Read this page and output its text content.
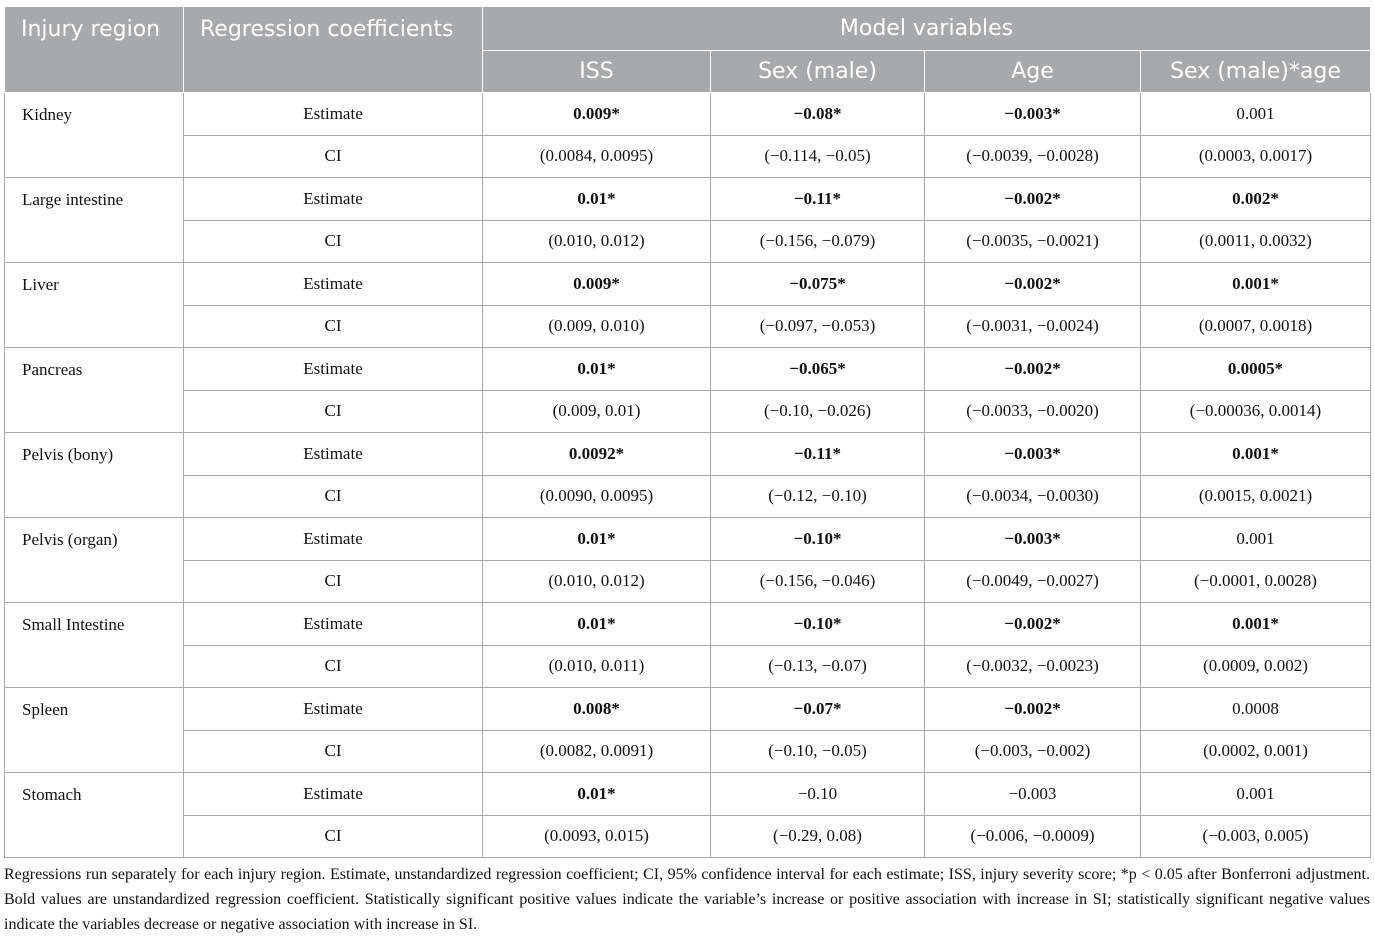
Injury region	Regression coefficients	Model variables			
		ISS	Sex (male)	Age	Sex (male)*age
Kidney	Estimate	0.009*	−0.08*	−0.003*	0.001
	CI	(0.0084, 0.0095)	(−0.114, −0.05)	(−0.0039, −0.0028)	(0.0003, 0.0017)
Large intestine	Estimate	0.01*	−0.11*	−0.002*	0.002*
	CI	(0.010, 0.012)	(−0.156, −0.079)	(−0.0035, −0.0021)	(0.0011, 0.0032)
Liver	Estimate	0.009*	−0.075*	−0.002*	0.001*
	CI	(0.009, 0.010)	(−0.097, −0.053)	(−0.0031, −0.0024)	(0.0007, 0.0018)
Pancreas	Estimate	0.01*	−0.065*	−0.002*	0.0005*
	CI	(0.009, 0.01)	(−0.10, −0.026)	(−0.0033, −0.0020)	(−0.00036, 0.0014)
Pelvis (bony)	Estimate	0.0092*	−0.11*	−0.003*	0.001*
	CI	(0.0090, 0.0095)	(−0.12, −0.10)	(−0.0034, −0.0030)	(0.0015, 0.0021)
Pelvis (organ)	Estimate	0.01*	−0.10*	−0.003*	0.001
	CI	(0.010, 0.012)	(−0.156, −0.046)	(−0.0049, −0.0027)	(−0.0001, 0.0028)
Small Intestine	Estimate	0.01*	−0.10*	−0.002*	0.001*
	CI	(0.010, 0.011)	(−0.13, −0.07)	(−0.0032, −0.0023)	(0.0009, 0.002)
Spleen	Estimate	0.008*	−0.07*	−0.002*	0.0008
	CI	(0.0082, 0.0091)	(−0.10, −0.05)	(−0.003, −0.002)	(0.0002, 0.001)
Stomach	Estimate	0.01*	−0.10	−0.003	0.001
	CI	(0.0093, 0.015)	(−0.29, 0.08)	(−0.006, −0.0009)	(−0.003, 0.005)

Regressions run separately for each injury region. Estimate, unstandardized regression coefficient; CI, 95% confidence interval for each estimate; ISS, injury severity score; *p < 0.05 after Bonferroni adjustment. Bold values are unstandardized regression coefficient. Statistically significant positive values indicate the variable’s increase or positive association with increase in SI; statistically significant negative values indicate the variables decrease or negative association with increase in SI.
